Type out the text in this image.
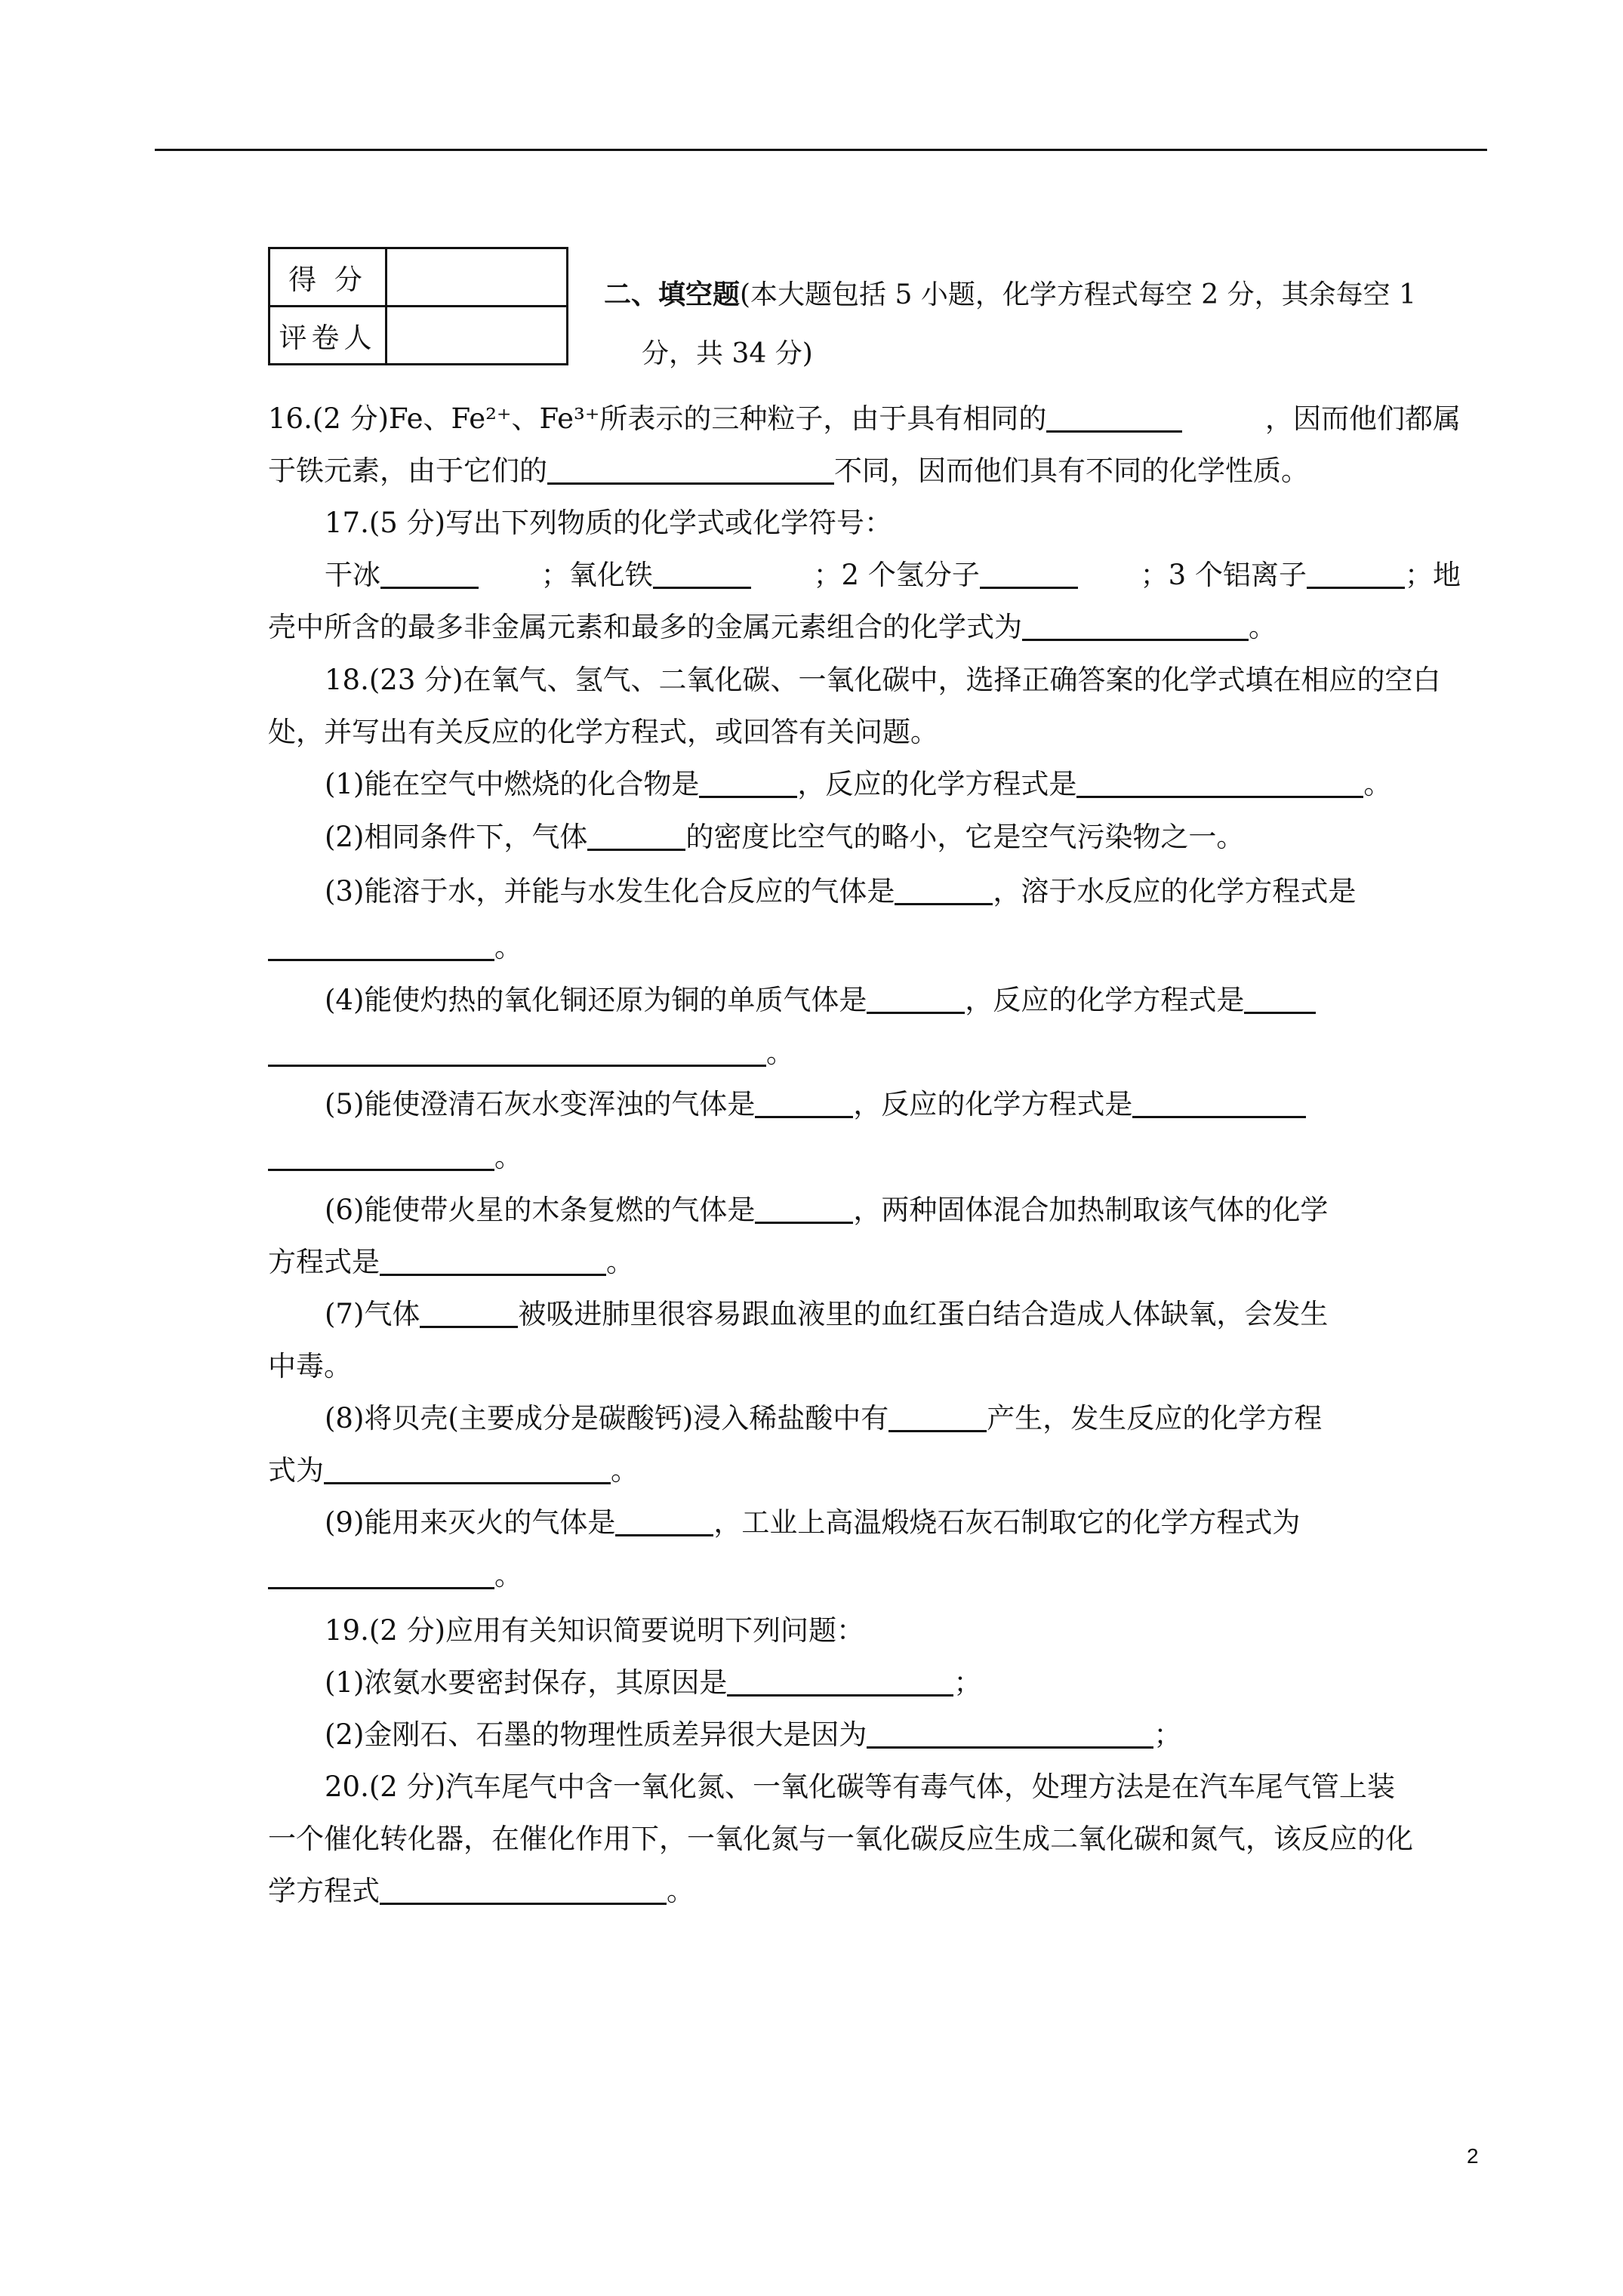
得 分	
评卷人	
二、填空题(本大题包括 5 小题，化学方程式每空 2 分，其余每空 1
分，共 34 分)
16.(2 分)Fe、Fe²⁺、Fe³⁺所表示的三种粒子，由于具有相同的	，因而他们都属
于铁元素，由于它们的	不同，因而他们具有不同的化学性质。
17.(5 分)写出下列物质的化学式或化学符号：
干冰	；氧化铁	；2 个氢分子	；3 个铝离子	；地
壳中所含的最多非金属元素和最多的金属元素组合的化学式为	。
18.(23 分)在氧气、氢气、二氧化碳、一氧化碳中，选择正确答案的化学式填在相应的空白
处，并写出有关反应的化学方程式，或回答有关问题。
(1)能在空气中燃烧的化合物是	，反应的化学方程式是	。
(2)相同条件下，气体	的密度比空气的略小，它是空气污染物之一。
(3)能溶于水，并能与水发生化合反应的气体是	，溶于水反应的化学方程式是
。
(4)能使灼热的氧化铜还原为铜的单质气体是	，反应的化学方程式是
。
(5)能使澄清石灰水变浑浊的气体是	，反应的化学方程式是
。
(6)能使带火星的木条复燃的气体是	，两种固体混合加热制取该气体的化学
方程式是	。
(7)气体	被吸进肺里很容易跟血液里的血红蛋白结合造成人体缺氧，会发生
中毒。
(8)将贝壳(主要成分是碳酸钙)浸入稀盐酸中有	产生，发生反应的化学方程
式为	。
(9)能用来灭火的气体是	，工业上高温煅烧石灰石制取它的化学方程式为
。
19.(2 分)应用有关知识简要说明下列问题：
(1)浓氨水要密封保存，其原因是	；
(2)金刚石、石墨的物理性质差异很大是因为	；
20.(2 分)汽车尾气中含一氧化氮、一氧化碳等有毒气体，处理方法是在汽车尾气管上装
一个催化转化器，在催化作用下，一氧化氮与一氧化碳反应生成二氧化碳和氮气，该反应的化
学方程式	。
2
